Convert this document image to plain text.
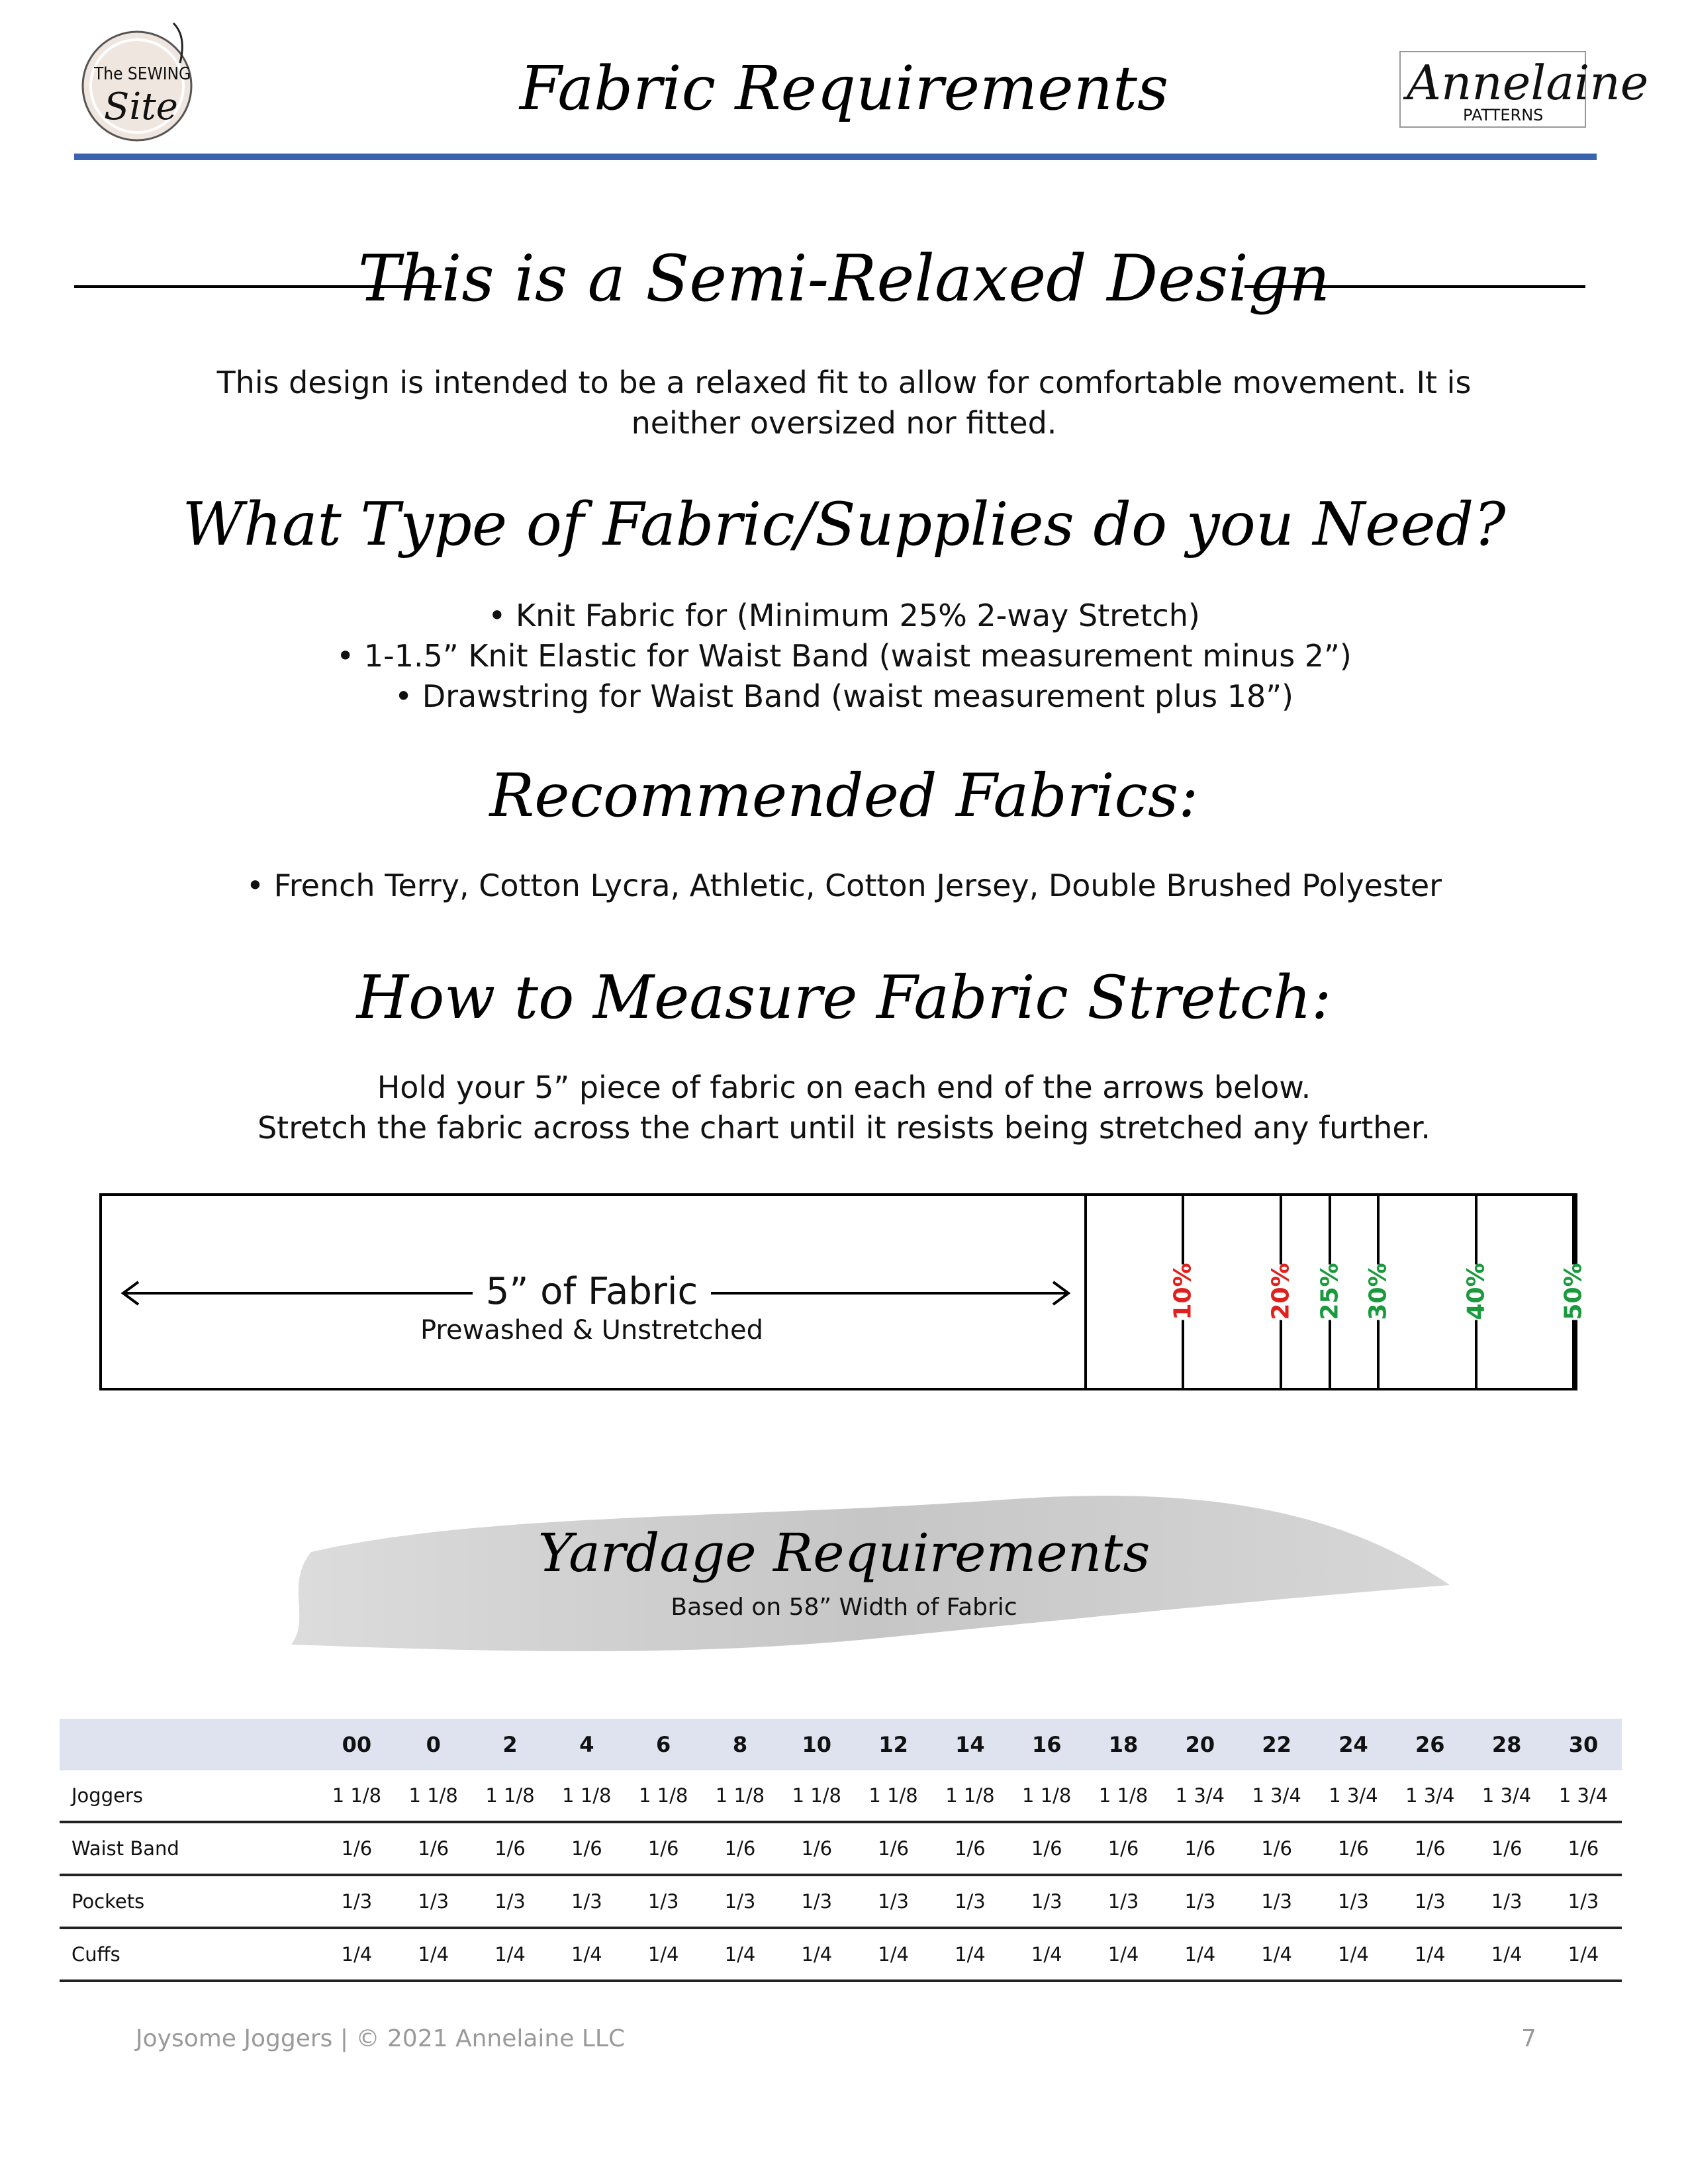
The SEWING
Site	Fabric Requirements	Annelaine
PATTERNS
This is a Semi-Relaxed Design
This design is intended to be a relaxed fit to allow for comfortable movement. It is
neither oversized nor fitted.
What Type of Fabric/Supplies do you Need?
• Knit Fabric for (Minimum 25% 2-way Stretch)
• 1-1.5” Knit Elastic for Waist Band (waist measurement minus 2”)
• Drawstring for Waist Band (waist measurement plus 18”)
Recommended Fabrics:
• French Terry, Cotton Lycra, Athletic, Cotton Jersey, Double Brushed Polyester
How to Measure Fabric Stretch:
Hold your 5” piece of fabric on each end of the arrows below.
Stretch the fabric across the chart until it resists being stretched any further.
5” of Fabric
Prewashed & Unstretched
10%	20% 25% 30%	40%	50%
Yardage Requirements
Based on 58” Width of Fabric
	00	0	2	4	6	8	10	12	14	16	18	20	22	24	26	28	30
Joggers	1 1/8	1 1/8	1 1/8	1 1/8	1 1/8	1 1/8	1 1/8	1 1/8	1 1/8	1 1/8	1 1/8	1 3/4	1 3/4	1 3/4	1 3/4	1 3/4	1 3/4
Waist Band	1/6	1/6	1/6	1/6	1/6	1/6	1/6	1/6	1/6	1/6	1/6	1/6	1/6	1/6	1/6	1/6	1/6
Pockets	1/3	1/3	1/3	1/3	1/3	1/3	1/3	1/3	1/3	1/3	1/3	1/3	1/3	1/3	1/3	1/3	1/3
Cuffs	1/4	1/4	1/4	1/4	1/4	1/4	1/4	1/4	1/4	1/4	1/4	1/4	1/4	1/4	1/4	1/4	1/4
Joysome Joggers | © 2021 Annelaine LLC	7
